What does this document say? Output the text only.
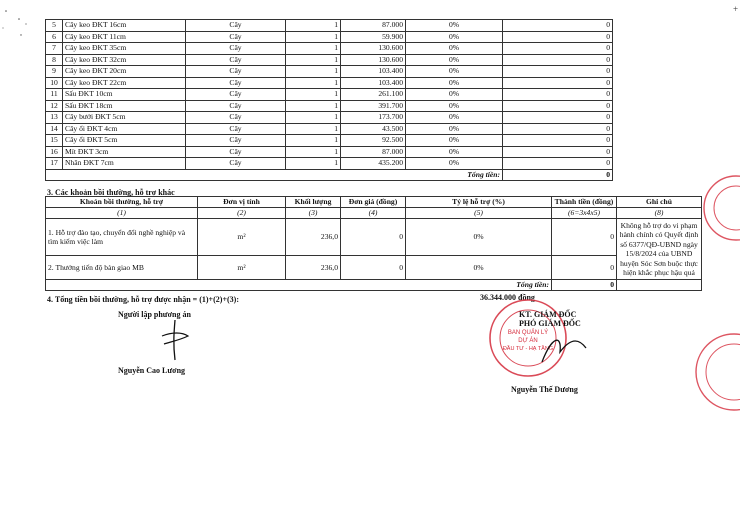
+
5	Cây keo ĐKT 16cm	Cây	1	87.000	0%	0
6	Cây keo ĐKT 11cm	Cây	1	59.900	0%	0
7	Cây keo ĐKT 35cm	Cây	1	130.600	0%	0
8	Cây keo ĐKT 32cm	Cây	1	130.600	0%	0
9	Cây keo ĐKT 20cm	Cây	1	103.400	0%	0
10	Cây keo ĐKT 22cm	Cây	1	103.400	0%	0
11	Sấu ĐKT 10cm	Cây	1	261.100	0%	0
12	Sấu ĐKT 18cm	Cây	1	391.700	0%	0
13	Cây bưởi ĐKT 5cm	Cây	1	173.700	0%	0
14	Cây ổi ĐKT 4cm	Cây	1	43.500	0%	0
15	Cây ổi ĐKT 5cm	Cây	1	92.500	0%	0
16	Mít ĐKT 3cm	Cây	1	87.000	0%	0
17	Nhãn ĐKT 7cm	Cây	1	435.200	0%	0
Tổng tiền:						0
3. Các khoản bồi thường, hỗ trợ khác
Khoản bồi thường, hỗ trợ	Đơn vị tính	Khối lượng	Đơn giá (đồng)	Tỷ lệ hỗ trợ (%)	Thành tiền (đồng)	Ghi chú
(1)	(2)	(3)	(4)	(5)	(6=3x4x5)	(8)
1. Hỗ trợ đào tạo, chuyển đổi nghề nghiệp và tìm kiếm việc làm	m²	236,0	0	0%	0	Không hỗ trợ do vi phạm hành chính có Quyết định số 6377/QĐ-UBND ngày 15/8/2024 của UBND huyện Sóc Sơn buộc thực hiện khắc phục hậu quả
2. Thưởng tiến độ bàn giao MB	m²	236,0	0	0%	0	
Tổng tiền:					0	
4. Tổng tiền bồi thường, hỗ trợ được nhận = (1)+(2)+(3):	36.344.000 đồng
Người lập phương án
Nguyễn Cao Lương
BAN QUẢN LÝ
DỰ ÁN
ĐẦU TƯ - HẠ TẦNG
KT. GIÁM ĐỐC
PHÓ GIÁM ĐỐC
Nguyễn Thế Dương
